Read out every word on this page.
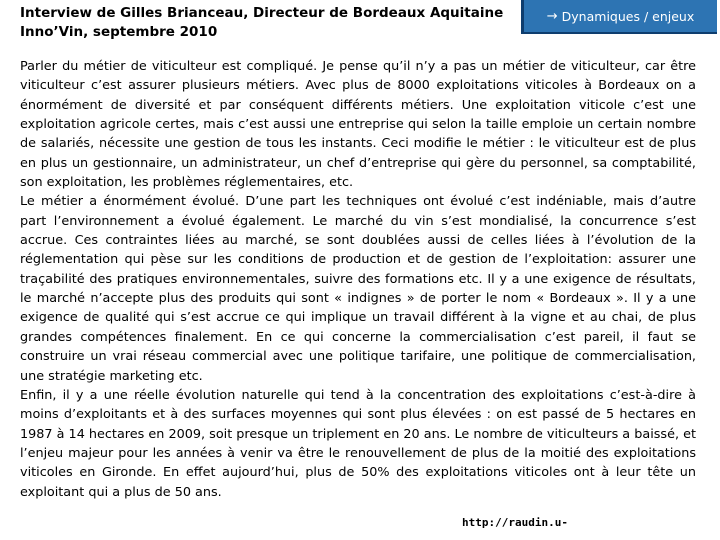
Interview de Gilles Brianceau, Directeur de Bordeaux Aquitaine Inno’Vin, septembre 2010
→ Dynamiques / enjeux

Parler du métier de viticulteur est compliqué. Je pense qu’il n’y a pas un métier de viticulteur, car être viticulteur c’est assurer plusieurs métiers. Avec plus de 8000 exploitations viticoles à Bordeaux on a énormément de diversité et par conséquent différents métiers. Une exploitation viticole c’est une exploitation agricole certes, mais c’est aussi une entreprise qui selon la taille emploie un certain nombre de salariés, nécessite une gestion de tous les instants. Ceci modifie le métier : le viticulteur est de plus en plus un gestionnaire, un administrateur, un chef d’entreprise qui gère du personnel, sa comptabilité, son exploitation, les problèmes réglementaires, etc.

Le métier a énormément évolué. D’une part les techniques ont évolué c’est indéniable, mais d’autre part l’environnement a évolué également. Le marché du vin s’est mondialisé, la concurrence s’est accrue. Ces contraintes liées au marché, se sont doublées aussi de celles liées à l’évolution de la réglementation qui pèse sur les conditions de production et de gestion de l’exploitation: assurer une traçabilité des pratiques environnementales, suivre des formations etc. Il y a une exigence de résultats, le marché n’accepte plus des produits qui sont « indignes » de porter le nom « Bordeaux ». Il y a une exigence de qualité qui s’est accrue ce qui implique un travail différent à la vigne et au chai, de plus grandes compétences finalement. En ce qui concerne la commercialisation c’est pareil, il faut se construire un vrai réseau commercial avec une politique tarifaire, une politique de commercialisation, une stratégie marketing etc.

Enfin, il y a une réelle évolution naturelle qui tend à la concentration des exploitations c’est-à-dire à moins d’exploitants et à des surfaces moyennes qui sont plus élevées : on est passé de 5 hectares en 1987 à 14 hectares en 2009, soit presque un triplement en 20 ans. Le nombre de viticulteurs a baissé, et l’enjeu majeur pour les années à venir va être le renouvellement de plus de la moitié des exploitations viticoles en Gironde. En effet aujourd’hui, plus de 50% des exploitations viticoles ont à leur tête un exploitant qui a plus de 50 ans.

http://raudin.u-
